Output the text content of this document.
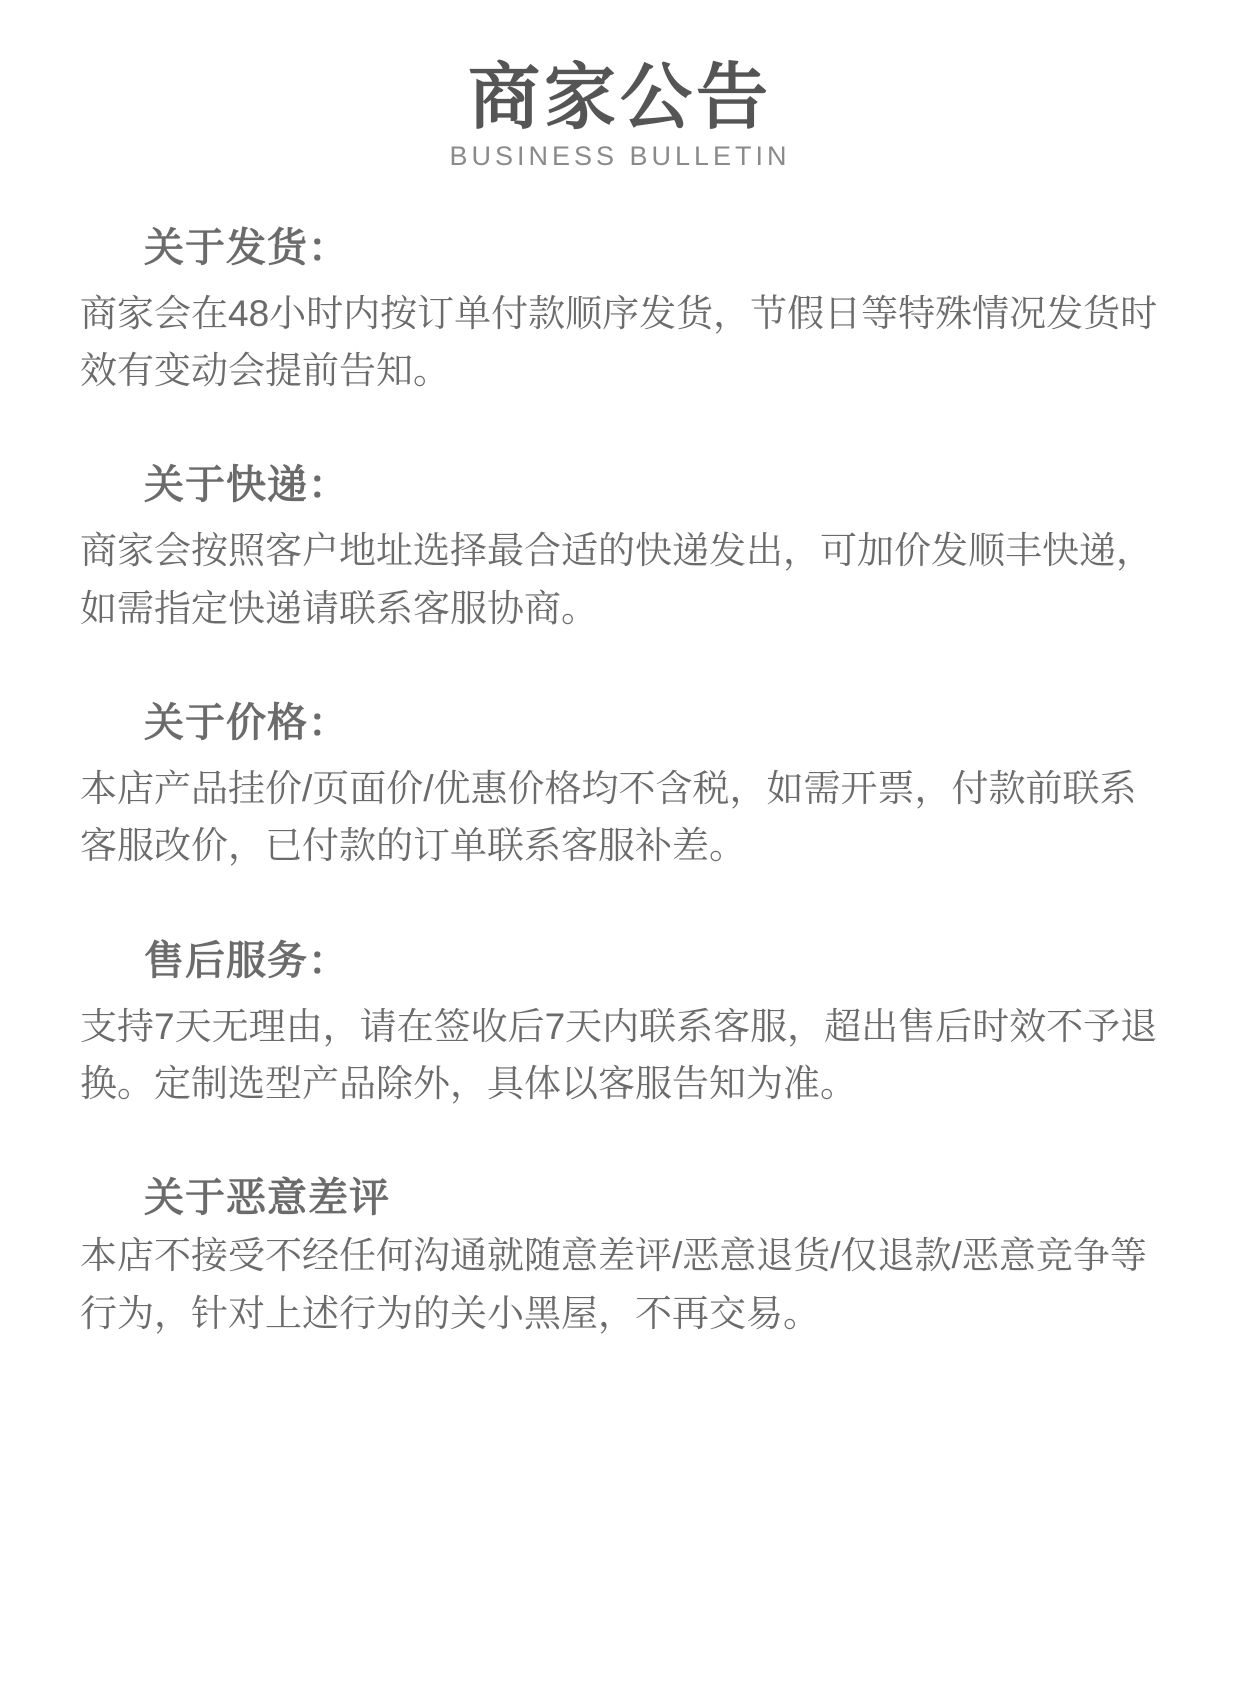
商家公告
BUSINESS BULLETIN
关于发货：
商家会在48小时内按订单付款顺序发货，节假日等特殊情况发货时效有变动会提前告知。
关于快递：
商家会按照客户地址选择最合适的快递发出，可加价发顺丰快递，如需指定快递请联系客服协商。
关于价格：
本店产品挂价/页面价/优惠价格均不含税，如需开票，付款前联系客服改价，已付款的订单联系客服补差。
售后服务：
支持7天无理由，请在签收后7天内联系客服，超出售后时效不予退换。定制选型产品除外，具体以客服告知为准。
关于恶意差评
本店不接受不经任何沟通就随意差评/恶意退货/仅退款/恶意竞争等行为，针对上述行为的关小黑屋，不再交易。
